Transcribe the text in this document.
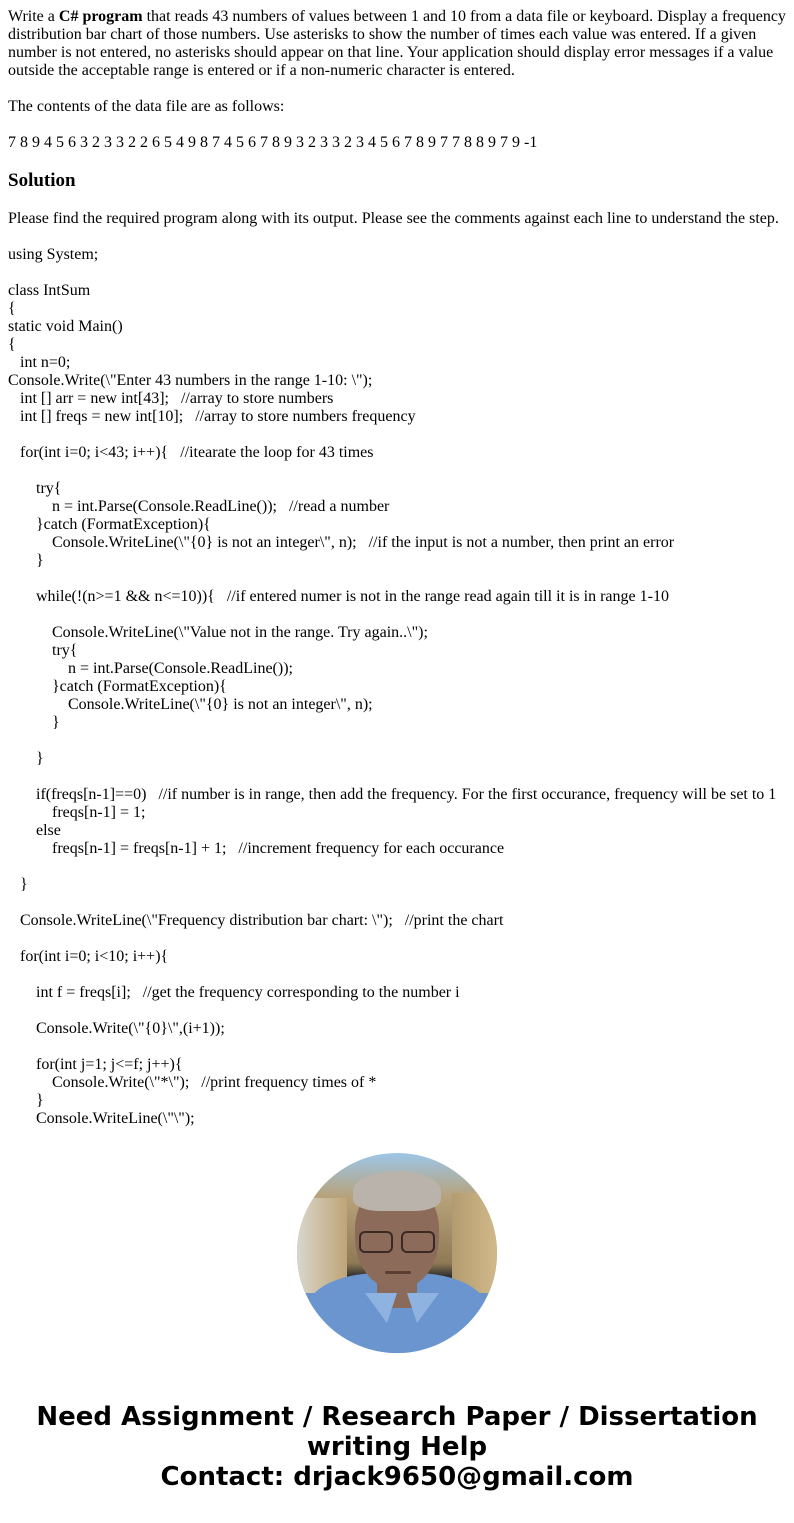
Write a C# program that reads 43 numbers of values between 1 and 10 from a data file or keyboard. Display a frequency distribution bar chart of those numbers. Use asterisks to show the number of times each value was entered. If a given number is not entered, no asterisks should appear on that line. Your application should display error messages if a value outside the acceptable range is entered or if a non-numeric character is entered.

The contents of the data file are as follows:

7 8 9 4 5 6 3 2 3 3 2 2 6 5 4 9 8 7 4 5 6 7 8 9 3 2 3 3 2 3 4 5 6 7 8 9 7 7 8 8 9 7 9 -1

Solution

Please find the required program along with its output. Please see the comments against each line to understand the step.

using System;
class IntSum
{
static void Main()
{
int n=0;
Console.Write(\"Enter 43 numbers in the range 1-10: \");
int [] arr = new int[43];   //array to store numbers
int [] freqs = new int[10];   //array to store numbers frequency
for(int i=0; i<43; i++){   //itearate the loop for 43 times
try{
n = int.Parse(Console.ReadLine());   //read a number
}catch (FormatException){
Console.WriteLine(\"{0} is not an integer\", n);   //if the input is not a number, then print an error
}
while(!(n>=1 && n<=10)){   //if entered numer is not in the range read again till it is in range 1-10
Console.WriteLine(\"Value not in the range. Try again..\");
try{
n = int.Parse(Console.ReadLine());
}catch (FormatException){
Console.WriteLine(\"{0} is not an integer\", n);
}
}
if(freqs[n-1]==0)   //if number is in range, then add the frequency. For the first occurance, frequency will be set to 1
freqs[n-1] = 1;
else
freqs[n-1] = freqs[n-1] + 1;   //increment frequency for each occurance
}
Console.WriteLine(\"Frequency distribution bar chart: \");   //print the chart
for(int i=0; i<10; i++){
int f = freqs[i];   //get the frequency corresponding to the number i
Console.Write(\"{0}\",(i+1));
for(int j=1; j<=f; j++){
Console.Write(\"*\");   //print frequency times of *
}
Console.WriteLine(\"\");
Need Assignment / Research Paper / Dissertation
writing Help
Contact: drjack9650@gmail.com
